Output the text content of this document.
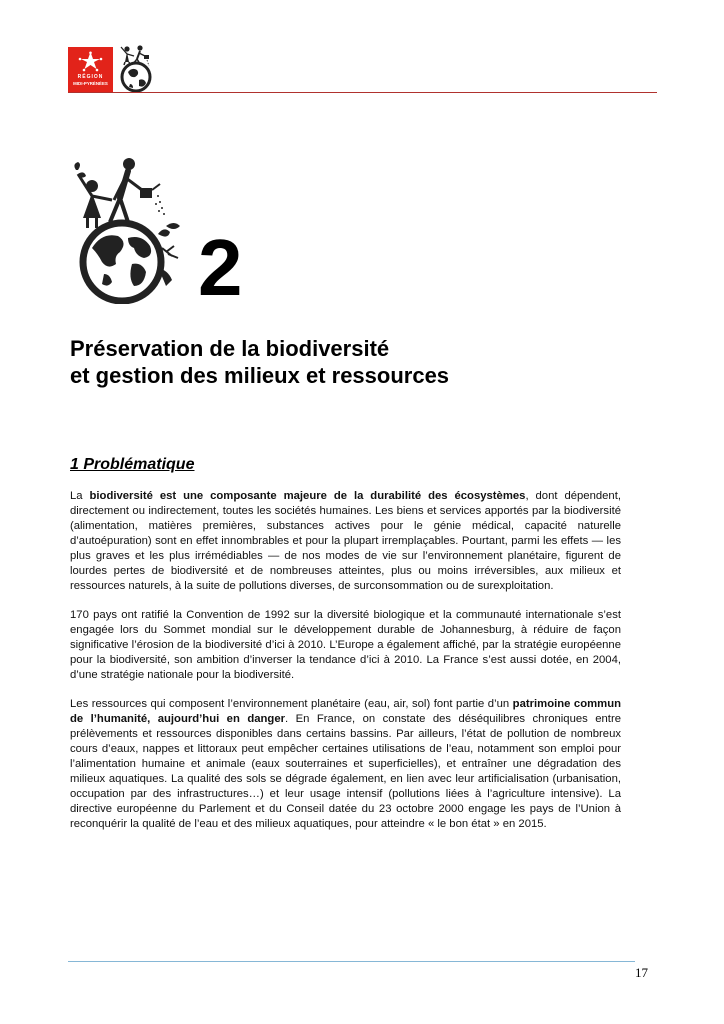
RÉGION
MIDI-PYRÉNÉES
2
Préservation de la biodiversité
et gestion des milieux et ressources
1 Problématique

La biodiversité est une composante majeure de la durabilité des écosystèmes, dont dépendent, directement ou indirectement, toutes les sociétés humaines. Les biens et services apportés par la biodiversité (alimentation, matières premières, substances actives pour le génie médical, capacité naturelle d’autoépuration) sont en effet innombrables et pour la plupart irremplaçables. Pourtant, parmi les effets — les plus graves et les plus irrémédiables — de nos modes de vie sur l’environnement planétaire, figurent de lourdes pertes de biodiversité et de nombreuses atteintes, plus ou moins irréversibles, aux milieux et ressources naturels, à la suite de pollutions diverses, de surconsommation ou de surexploitation.

170 pays ont ratifié la Convention de 1992 sur la diversité biologique et la communauté internationale s’est engagée lors du Sommet mondial sur le développement durable de Johannesburg, à réduire de façon significative l’érosion de la biodiversité d’ici à 2010. L’Europe a également affiché, par la stratégie européenne pour la biodiversité, son ambition d’inverser la tendance d’ici à 2010. La France s’est aussi dotée, en 2004, d’une stratégie nationale pour la biodiversité.

Les ressources qui composent l’environnement planétaire (eau, air, sol) font partie d’un patrimoine commun de l’humanité, aujourd’hui en danger. En France, on constate des déséquilibres chroniques entre prélèvements et ressources disponibles dans certains bassins. Par ailleurs, l’état de pollution de nombreux cours d’eaux, nappes et littoraux peut empêcher certaines utilisations de l’eau, notamment son emploi pour l’alimentation humaine et animale (eaux souterraines et superficielles), et entraîner une dégradation des milieux aquatiques. La qualité des sols se dégrade également, en lien avec leur artificialisation (urbanisation, occupation par des infrastructures…) et leur usage intensif (pollutions liées à l’agriculture intensive). La directive européenne du Parlement et du Conseil datée du 23 octobre 2000 engage les pays de l’Union à reconquérir la qualité de l’eau et des milieux aquatiques, pour atteindre « le bon état » en 2015.

17
